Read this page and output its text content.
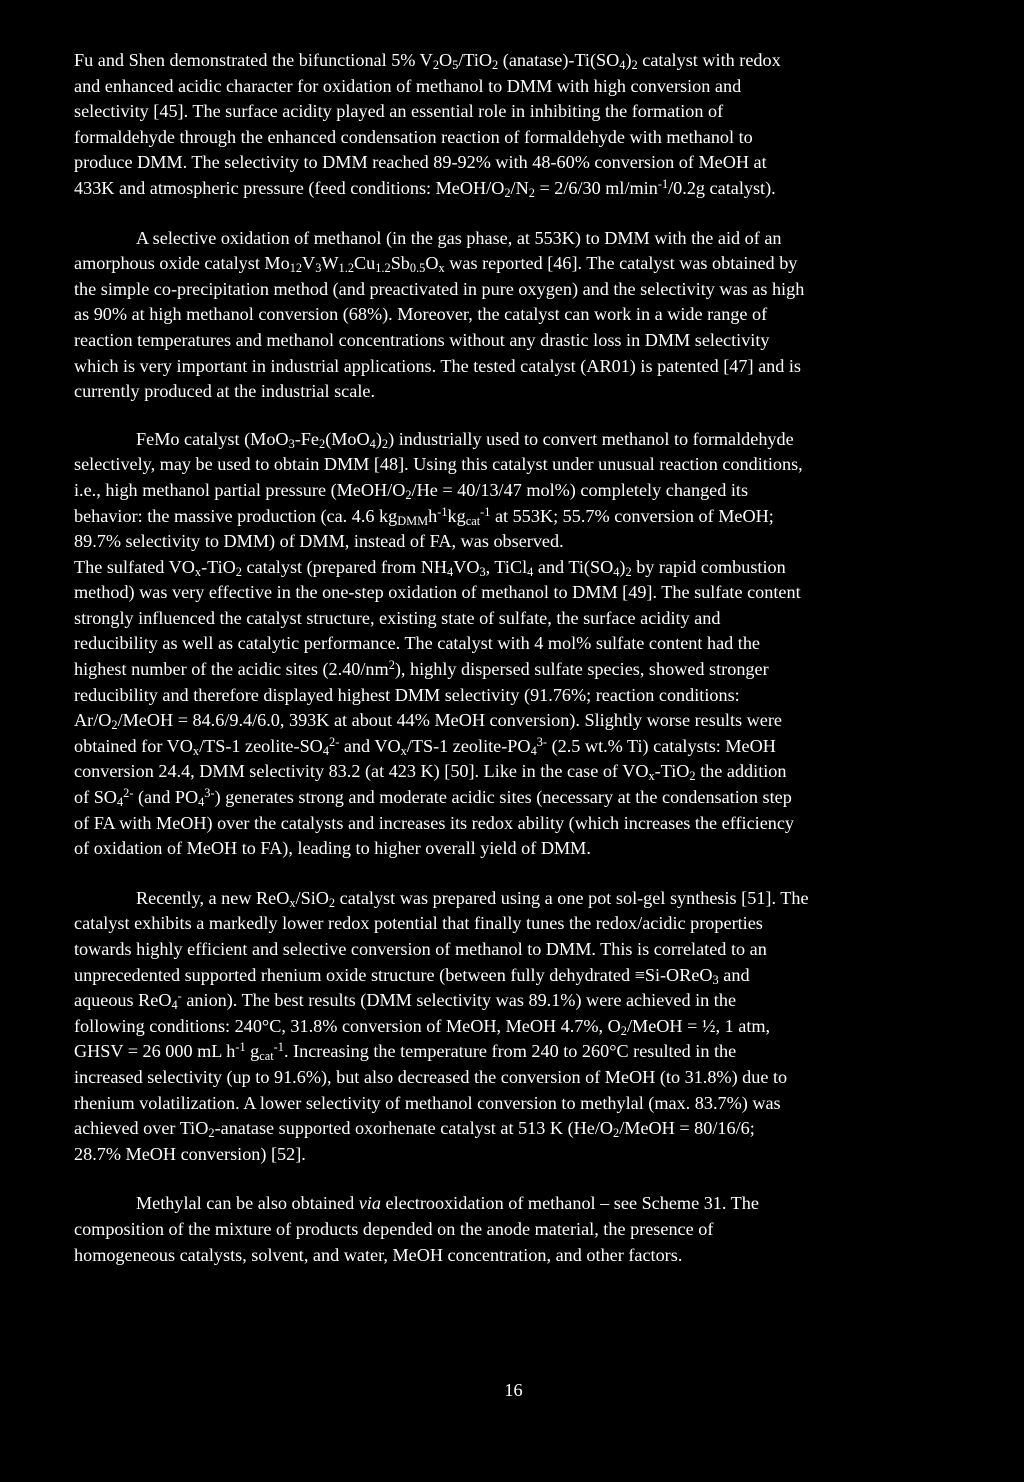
Fu and Shen demonstrated the bifunctional 5% $V_2O_5/TiO_2$ $(anatase)-Ti(SO_4)_2$ catalyst with redox
and enhanced acidic character for oxidation of methanol to DMM with high conversion and
selectivity [45]. The surface acidity played an essential role in inhibiting the formation of
formaldehyde through the enhanced condensation reaction of formaldehyde with methanol to
produce DMM. The selectivity to DMM reached 89-92% with 48-60% conversion of MeOH at
433K and atmospheric pressure (feed conditions: MeOH/$O_2/N_2 = 2/6/30$ $ml/\min^{-1}/0.2g$ catalyst).

A selective oxidation of methanol (in the gas phase, at 553K) to DMM with the aid of an
amorphous oxide catalyst $Mo_{12}V_3W_{1.2}Cu_{1.2}Sb_{0.5}O_x$ was reported [46]. The catalyst was obtained by
the simple co-precipitation method (and preactivated in pure oxygen) and the selectivity was as high
as 90% at high methanol conversion (68%). Moreover, the catalyst can work in a wide range of
reaction temperatures and methanol concentrations without any drastic loss in DMM selectivity
which is very important in industrial applications. The tested catalyst (AR01) is patented [47] and is
currently produced at the industrial scale.

FeMo catalyst $(MoO_3-Fe_2(MoO_4)_2)$ industrially used to convert methanol to formaldehyde
selectively, may be used to obtain DMM [48]. Using this catalyst under unusual reaction conditions,
i.e., high methanol partial pressure ($MeOH/O_2/He = 40/13/47$ mol%) completely changed its
behavior: the massive production (ca. 4.6 $kg_{DMM}h^{-1}kg_{cat}^{-1}$ at 553K; 55.7% conversion of MeOH;
89.7% selectivity to DMM) of DMM, instead of FA, was observed.

The sulfated $VO_x-TiO_2$ catalyst (prepared from $NH_4VO_3$, TiCl$_4$ and $Ti(SO_4)_2$ by rapid combustion
method) was very effective in the one-step oxidation of methanol to DMM [49]. The sulfate content
strongly influenced the catalyst structure, existing state of sulfate, the surface acidity and
reducibility as well as catalytic performance. The catalyst with 4 mol% sulfate content had the
highest number of the acidic sites $(2.40/nm^2)$, highly dispersed sulfate species, showed stronger
reducibility and therefore displayed highest DMM selectivity (91.76%; reaction conditions:
$Ar/O_2$/MeOH = 84.6/9.4/6.0, 393K at about 44% MeOH conversion). Slightly worse results were
obtained for $VO_x/TS-1$ zeolite-$SO_4^{2-}$ and $VO_x/TS-1$ zeolite-$PO_4^{3-}$ (2.5 wt.% Ti) catalysts: MeOH
conversion 24.4, DMM selectivity 83.2 (at 423 K) [50]. Like in the case of $VO_x-TiO_2$ the addition
of $SO_4^{2-}$ (and $PO_4^{3-}$) generates strong and moderate acidic sites (necessary at the condensation step
of FA with MeOH) over the catalysts and increases its redox ability (which increases the efficiency
of oxidation of MeOH to FA), leading to higher overall yield of DMM.

Recently, a new ReO$_x$/SiO$_2$ catalyst was prepared using a one pot sol-gel synthesis [51]. The
catalyst exhibits a markedly lower redox potential that finally tunes the redox/acidic properties
towards highly efficient and selective conversion of methanol to DMM. This is correlated to an
unprecedented supported rhenium oxide structure (between fully dehydrated ≡Si-OReO$_3$ and
aqueous ReO$_4$- anion). The best results (DMM selectivity was 89.1%) were achieved in the
following conditions: 240°C, 31.8% conversion of MeOH, MeOH 4.7%, $O_2$/MeOH = ½, 1 atm,
GHSV = 26 000 mL $h^{-1}$ $g_{cat}^{-1}$. Increasing the temperature from 240 to 260°C resulted in the
increased selectivity (up to 91.6%), but also decreased the conversion of MeOH (to 31.8%) due to
rhenium volatilization. A lower selectivity of methanol conversion to methylal (max. 83.7%) was
achieved over TiO$_2$-anatase supported oxorhenate catalyst at 513 K ($He/O_2$/MeOH = 80/16/6;
28.7% MeOH conversion) [52].

Methylal can be also obtained via electrooxidation of methanol – see Scheme 31. The
composition of the mixture of products depended on the anode material, the presence of
homogeneous catalysts, solvent, and water, MeOH concentration, and other factors.

16
